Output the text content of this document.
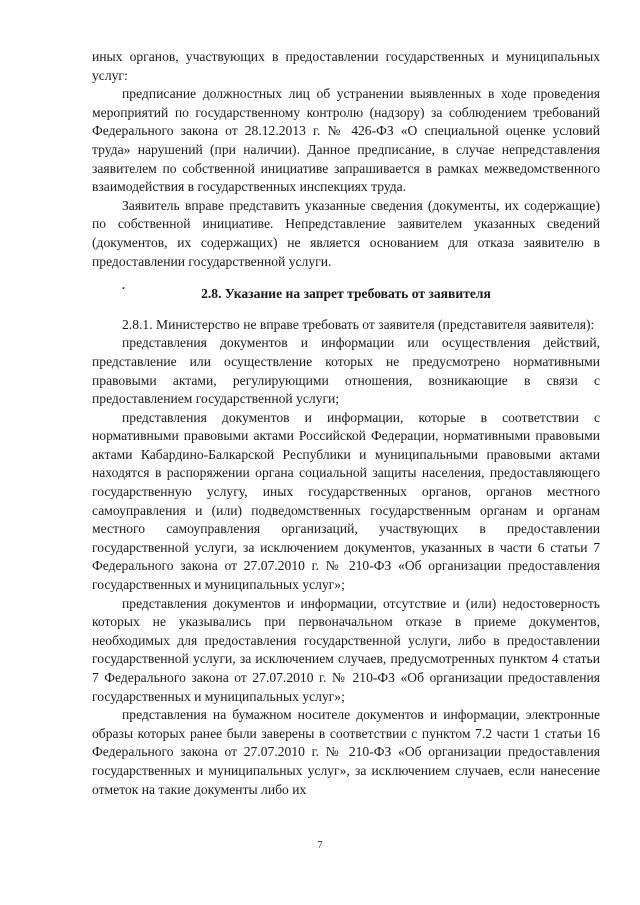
иных органов, участвующих в предоставлении государственных и муниципальных услуг:

предписание должностных лиц об устранении выявленных в ходе проведения мероприятий по государственному контролю (надзору) за соблюдением требований Федерального закона от 28.12.2013 г. № 426-ФЗ «О специальной оценке условий труда» нарушений (при наличии). Данное предписание, в случае непредставления заявителем по собственной инициативе запрашивается в рамках межведомственного взаимодействия в государственных инспекциях труда.

Заявитель вправе представить указанные сведения (документы, их содержащие) по собственной инициативе. Непредставление заявителем указанных сведений (документов, их содержащих) не является основанием для отказа заявителю в предоставлении государственной услуги.

.
2.8. Указание на запрет требовать от заявителя

2.8.1. Министерство не вправе требовать от заявителя (представителя заявителя):

представления документов и информации или осуществления действий, представление или осуществление которых не предусмотрено нормативными правовыми актами, регулирующими отношения, возникающие в связи с предоставлением государственной услуги;

представления документов и информации, которые в соответствии с нормативными правовыми актами Российской Федерации, нормативными правовыми актами Кабардино-Балкарской Республики и муниципальными правовыми актами находятся в распоряжении органа социальной защиты населения, предоставляющего государственную услугу, иных государственных органов, органов местного самоуправления и (или) подведомственных государственным органам и органам местного самоуправления организаций, участвующих в предоставлении государственной услуги, за исключением документов, указанных в части 6 статьи 7 Федерального закона от 27.07.2010 г. № 210-ФЗ «Об организации предоставления государственных и муниципальных услуг»;

представления документов и информации, отсутствие и (или) недостоверность которых не указывались при первоначальном отказе в приеме документов, необходимых для предоставления государственной услуги, либо в предоставлении государственной услуги, за исключением случаев, предусмотренных пунктом 4 статьи 7 Федерального закона от 27.07.2010 г. № 210-ФЗ «Об организации предоставления государственных и муниципальных услуг»;

представления на бумажном носителе документов и информации, электронные образы которых ранее были заверены в соответствии с пунктом 7.2 части 1 статьи 16 Федерального закона от 27.07.2010 г. № 210-ФЗ «Об организации предоставления государственных и муниципальных услуг», за исключением случаев, если нанесение отметок на такие документы либо их

7
